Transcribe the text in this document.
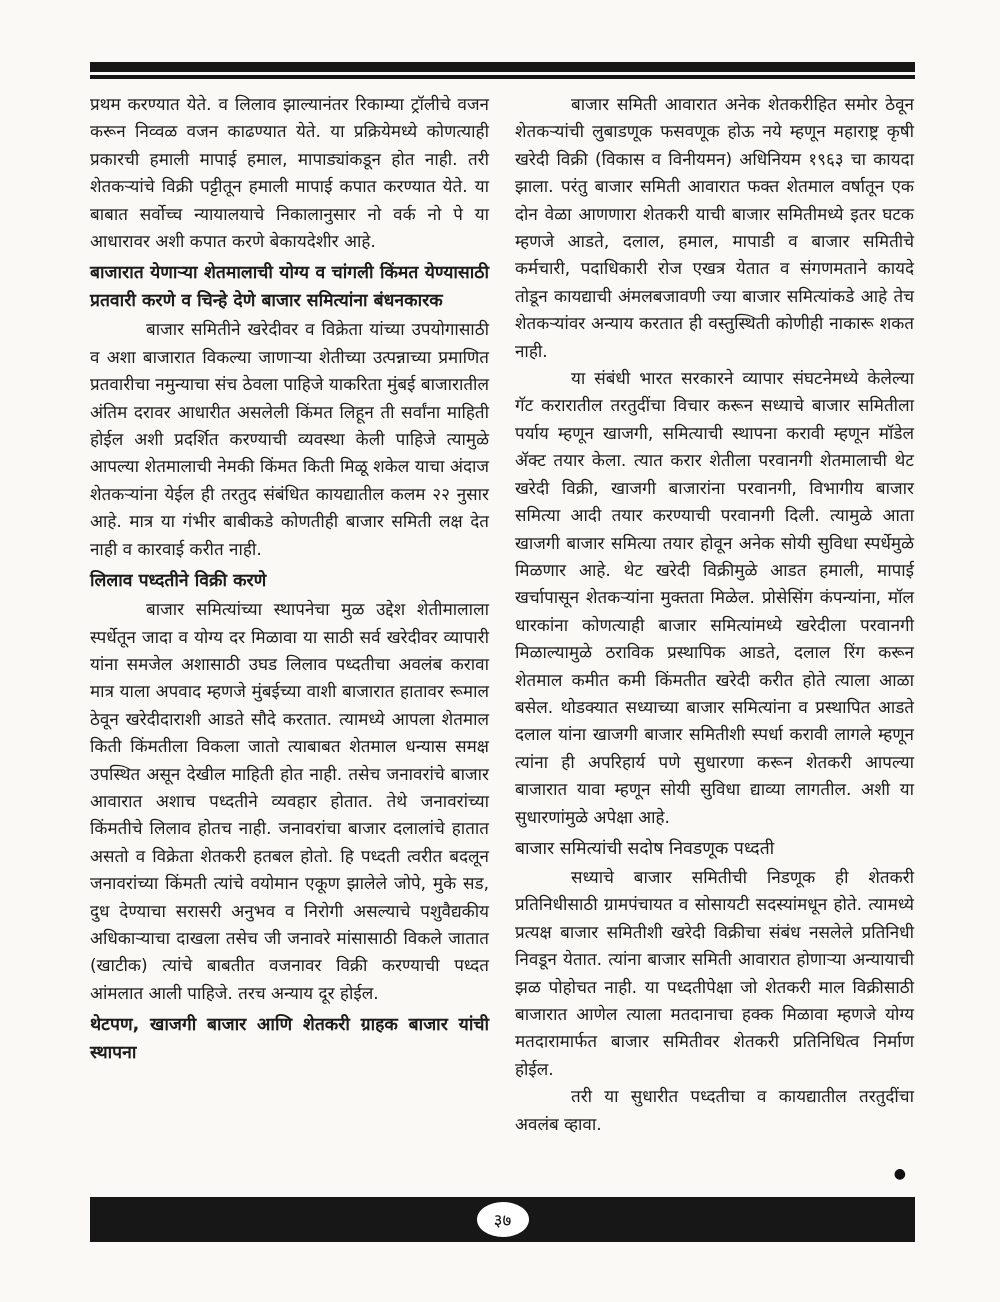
प्रथम करण्यात येते. व लिलाव झाल्यानंतर रिकाम्या ट्रॉलीचे वजन करून निव्वळ वजन काढण्यात येते. या प्रक्रियेमध्ये कोणत्याही प्रकारची हमाली मापाई हमाल, मापाड्यांकडून होत नाही. तरी शेतकऱ्यांचे विक्री पट्टीतून हमाली मापाई कपात करण्यात येते. या बाबात सर्वोच्च न्यायालयाचे निकालानुसार नो वर्क नो पे या आधारावर अशी कपात करणे बेकायदेशीर आहे.

बाजारात येणाऱ्या शेतमालाची योग्य व चांगली किंमत येण्यासाठी प्रतवारी करणे व चिन्हे देणे बाजार समित्यांना बंधनकारक

बाजार समितीने खरेदीवर व विक्रेता यांच्या उपयोगासाठी व अशा बाजारात विकल्या जाणाऱ्या शेतीच्या उत्पन्नाच्या प्रमाणित प्रतवारीचा नमुन्याचा संच ठेवला पाहिजे याकरिता मुंबई बाजारातील अंतिम दरावर आधारीत असलेली किंमत लिहून ती सर्वांना माहिती होईल अशी प्रदर्शित करण्याची व्यवस्था केली पाहिजे त्यामुळे आपल्या शेतमालाची नेमकी किंमत किती मिळू शकेल याचा अंदाज शेतकऱ्यांना येईल ही तरतुद संबंधित कायद्यातील कलम २२ नुसार आहे. मात्र या गंभीर बाबीकडे कोणतीही बाजार समिती लक्ष देत नाही व कारवाई करीत नाही.

लिलाव पध्दतीने विक्री करणे

बाजार समित्यांच्या स्थापनेचा मुळ उद्देश शेतीमालाला स्पर्धेतून जादा व योग्य दर मिळावा या साठी सर्व खरेदीवर व्यापारी यांना समजेल अशासाठी उघड लिलाव पध्दतीचा अवलंब करावा मात्र याला अपवाद म्हणजे मुंबईच्या वाशी बाजारात हातावर रूमाल ठेवून खरेदीदाराशी आडते सौदे करतात. त्यामध्ये आपला शेतमाल किती किंमतीला विकला जातो त्याबाबत शेतमाल धन्यास समक्ष उपस्थित असून देखील माहिती होत नाही. तसेच जनावरांचे बाजार आवारात अशाच पध्दतीने व्यवहार होतात. तेथे जनावरांच्या किंमतीचे लिलाव होतच नाही. जनावरांचा बाजार दलालांचे हातात असतो व विक्रेता शेतकरी हतबल होतो. हि पध्दती त्वरीत बदलून जनावरांच्या किंमती त्यांचे वयोमान एकूण झालेले जोपे, मुके सड, दुध देण्याचा सरासरी अनुभव व निरोगी असल्याचे पशुवैद्यकीय अधिकाऱ्याचा दाखला तसेच जी जनावरे मांसासाठी विकले जातात (खाटीक) त्यांचे बाबतीत वजनावर विक्री करण्याची पध्दत आंमलात आली पाहिजे. तरच अन्याय दूर होईल.

थेटपण, खाजगी बाजार आणि शेतकरी ग्राहक बाजार यांची स्थापना

बाजार समिती आवारात अनेक शेतकरीहित समोर ठेवून शेतकऱ्यांची लुबाडणूक फसवणूक होऊ नये म्हणून महाराष्ट्र कृषी खरेदी विक्री (विकास व विनीयमन) अधिनियम १९६३ चा कायदा झाला. परंतु बाजार समिती आवारात फक्त शेतमाल वर्षातून एक दोन वेळा आणणारा शेतकरी याची बाजार समितीमध्ये इतर घटक म्हणजे आडते, दलाल, हमाल, मापाडी व बाजार समितीचे कर्मचारी, पदाधिकारी रोज एखत्र येतात व संगणमताने कायदे तोडून कायद्याची अंमलबजावणी ज्या बाजार समित्यांकडे आहे तेच शेतकऱ्यांवर अन्याय करतात ही वस्तुस्थिती कोणीही नाकारू शकत नाही.

या संबंधी भारत सरकारने व्यापार संघटनेमध्ये केलेल्या गॅट करारातील तरतुदींचा विचार करून सध्याचे बाजार समितीला पर्याय म्हणून खाजगी, समित्याची स्थापना करावी म्हणून मॉडेल ॲक्ट तयार केला. त्यात करार शेतीला परवानगी शेतमालाची थेट खरेदी विक्री, खाजगी बाजारांना परवानगी, विभागीय बाजार समित्या आदी तयार करण्याची परवानगी दिली. त्यामुळे आता खाजगी बाजार समित्या तयार होवून अनेक सोयी सुविधा स्पर्धेमुळे मिळणार आहे. थेट खरेदी विक्रीमुळे आडत हमाली, मापाई खर्चापासून शेतकऱ्यांना मुक्तता मिळेल. प्रोसेसिंग कंपन्यांना, मॉल धारकांना कोणत्याही बाजार समित्यांमध्ये खरेदीला परवानगी मिळाल्यामुळे ठराविक प्रस्थापिक आडते, दलाल रिंग करून शेतमाल कमीत कमी किंमतीत खरेदी करीत होते त्याला आळा बसेल. थोडक्यात सध्याच्या बाजार समित्यांना व प्रस्थापित आडते दलाल यांना खाजगी बाजार समितीशी स्पर्धा करावी लागले म्हणून त्यांना ही अपरिहार्य पणे सुधारणा करून शेतकरी आपल्या बाजारात यावा म्हणून सोयी सुविधा द्याव्या लागतील. अशी या सुधारणांमुळे अपेक्षा आहे.

बाजार समित्यांची सदोष निवडणूक पध्दती

सध्याचे बाजार समितीची निडणूक ही शेतकरी प्रतिनिधीसाठी ग्रामपंचायत व सोसायटी सदस्यांमधून होते. त्यामध्ये प्रत्यक्ष बाजार समितीशी खरेदी विक्रीचा संबंध नसलेले प्रतिनिधी निवडून येतात. त्यांना बाजार समिती आवारात होणाऱ्या अन्यायाची झळ पोहोचत नाही. या पध्दतीपेक्षा जो शेतकरी माल विक्रीसाठी बाजारात आणेल त्याला मतदानाचा हक्क मिळावा म्हणजे योग्य मतदारामार्फत बाजार समितीवर शेतकरी प्रतिनिधित्व निर्माण होईल.

तरी या सुधारीत पध्दतीचा व कायद्यातील तरतुदींचा अवलंब व्हावा.

●
३७
